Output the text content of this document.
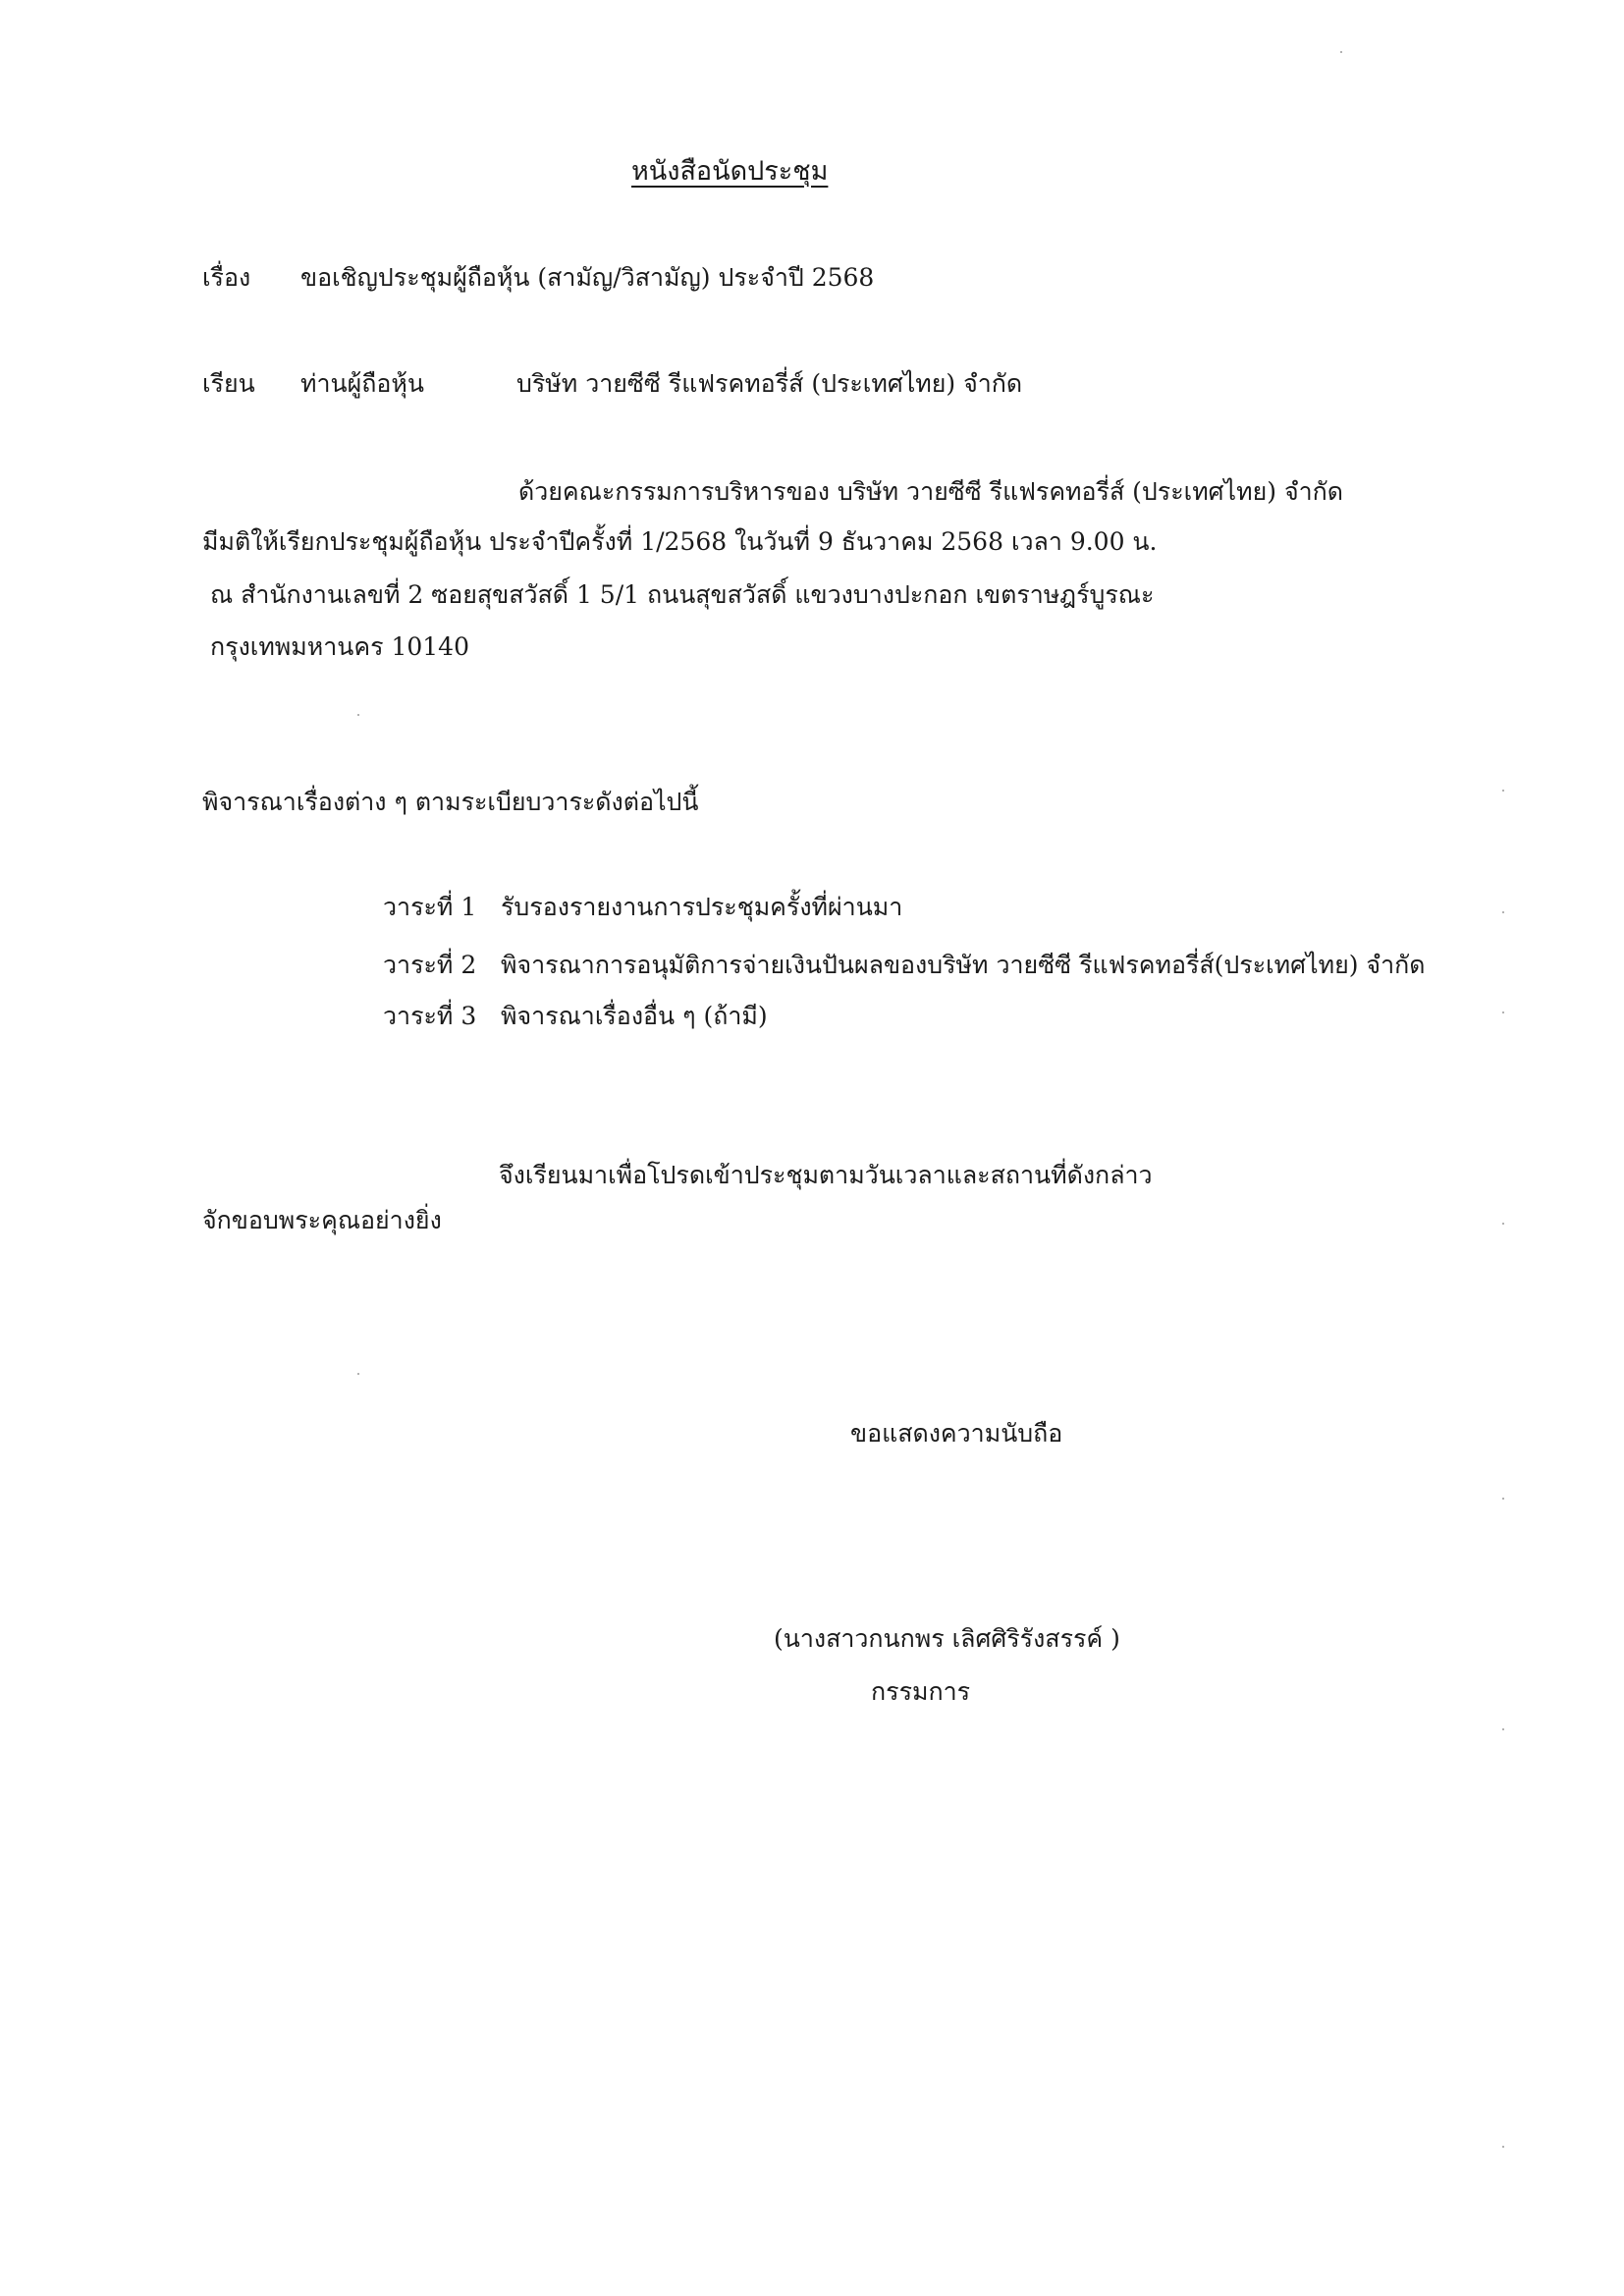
หนังสือนัดประชุม
เรื่อง ขอเชิญประชุมผู้ถือหุ้น (สามัญ/วิสามัญ) ประจำปี 2568
เรียน ท่านผู้ถือหุ้น	บริษัท วายซีซี รีแฟรคทอรี่ส์ (ประเทศไทย) จำกัด
ด้วยคณะกรรมการบริหารของ บริษัท วายซีซี รีแฟรคทอรี่ส์ (ประเทศไทย) จำกัด
มีมติให้เรียกประชุมผู้ถือหุ้น ประจำปีครั้งที่ 1/2568 ในวันที่ 9 ธันวาคม 2568 เวลา 9.00 น.
ณ สำนักงานเลขที่ 2 ซอยสุขสวัสดิ์ 1 5/1 ถนนสุขสวัสดิ์ แขวงบางปะกอก เขตราษฎร์บูรณะ
กรุงเทพมหานคร 10140
พิจารณาเรื่องต่าง ๆ ตามระเบียบวาระดังต่อไปนี้
วาระที่ 1 รับรองรายงานการประชุมครั้งที่ผ่านมา
วาระที่ 2 พิจารณาการอนุมัติการจ่ายเงินปันผลของบริษัท วายซีซี รีแฟรคทอรี่ส์(ประเทศไทย) จำกัด
วาระที่ 3 พิจารณาเรื่องอื่น ๆ (ถ้ามี)
จึงเรียนมาเพื่อโปรดเข้าประชุมตามวันเวลาและสถานที่ดังกล่าว
จักขอบพระคุณอย่างยิ่ง
ขอแสดงความนับถือ
(นางสาวกนกพร เลิศศิริรังสรรค์ )
กรรมการ
